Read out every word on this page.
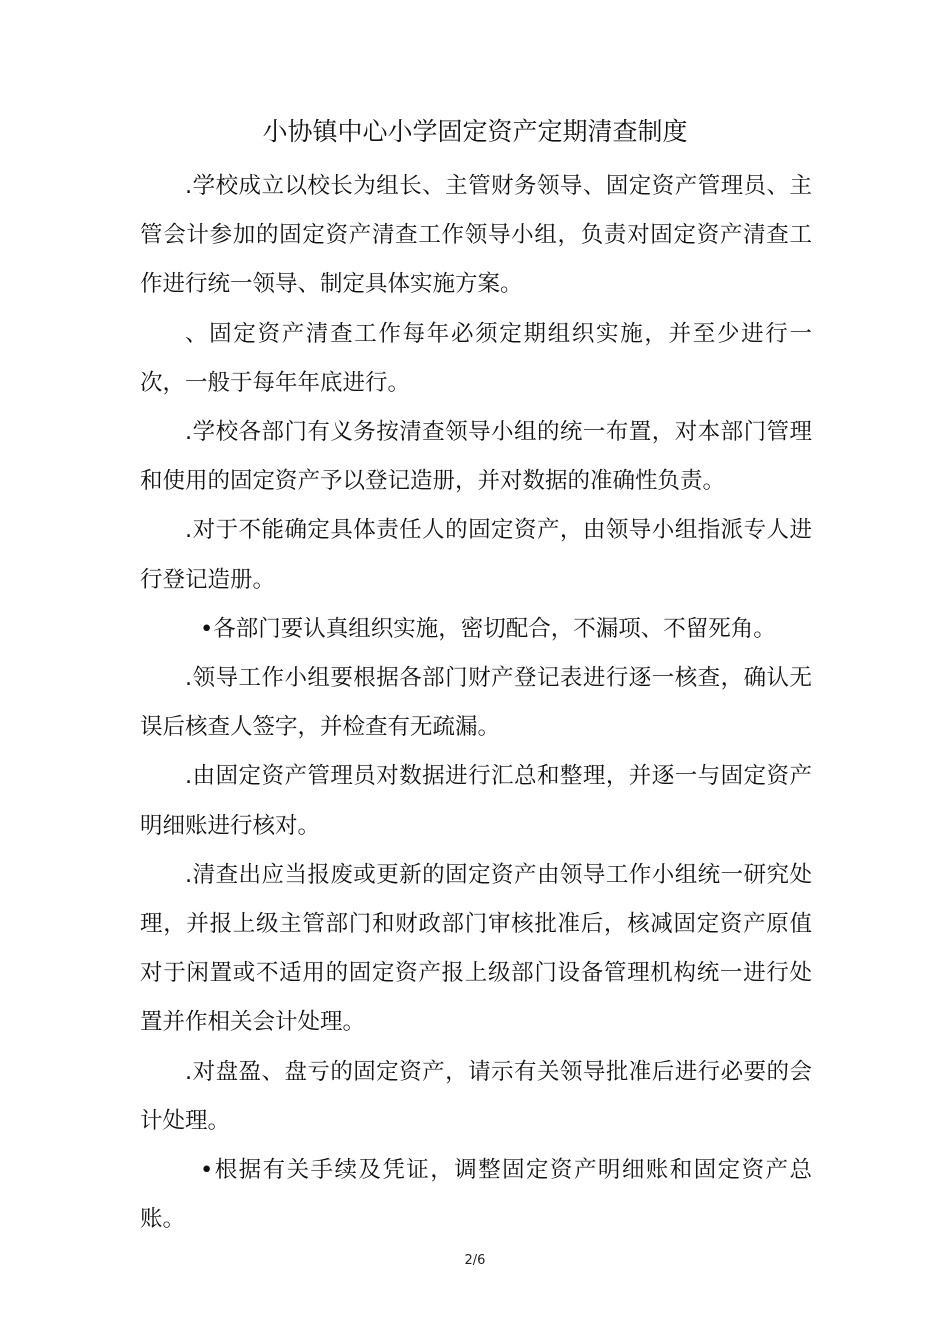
小协镇中心小学固定资产定期清查制度

.学校成立以校长为组长、主管财务领导、固定资产管理员、主管会计参加的固定资产清查工作领导小组，负责对固定资产清查工作进行统一领导、制定具体实施方案。

、固定资产清查工作每年必须定期组织实施，并至少进行一次，一般于每年年底进行。

.学校各部门有义务按清查领导小组的统一布置，对本部门管理和使用的固定资产予以登记造册，并对数据的准确性负责。

.对于不能确定具体责任人的固定资产，由领导小组指派专人进行登记造册。

•各部门要认真组织实施，密切配合，不漏项、不留死角。

.领导工作小组要根据各部门财产登记表进行逐一核查，确认无误后核查人签字，并检查有无疏漏。

.由固定资产管理员对数据进行汇总和整理，并逐一与固定资产明细账进行核对。

.清查出应当报废或更新的固定资产由领导工作小组统一研究处理，并报上级主管部门和财政部门审核批准后，核减固定资产原值对于闲置或不适用的固定资产报上级部门设备管理机构统一进行处置并作相关会计处理。

.对盘盈、盘亏的固定资产，请示有关领导批准后进行必要的会计处理。

•根据有关手续及凭证，调整固定资产明细账和固定资产总账。

2/6
